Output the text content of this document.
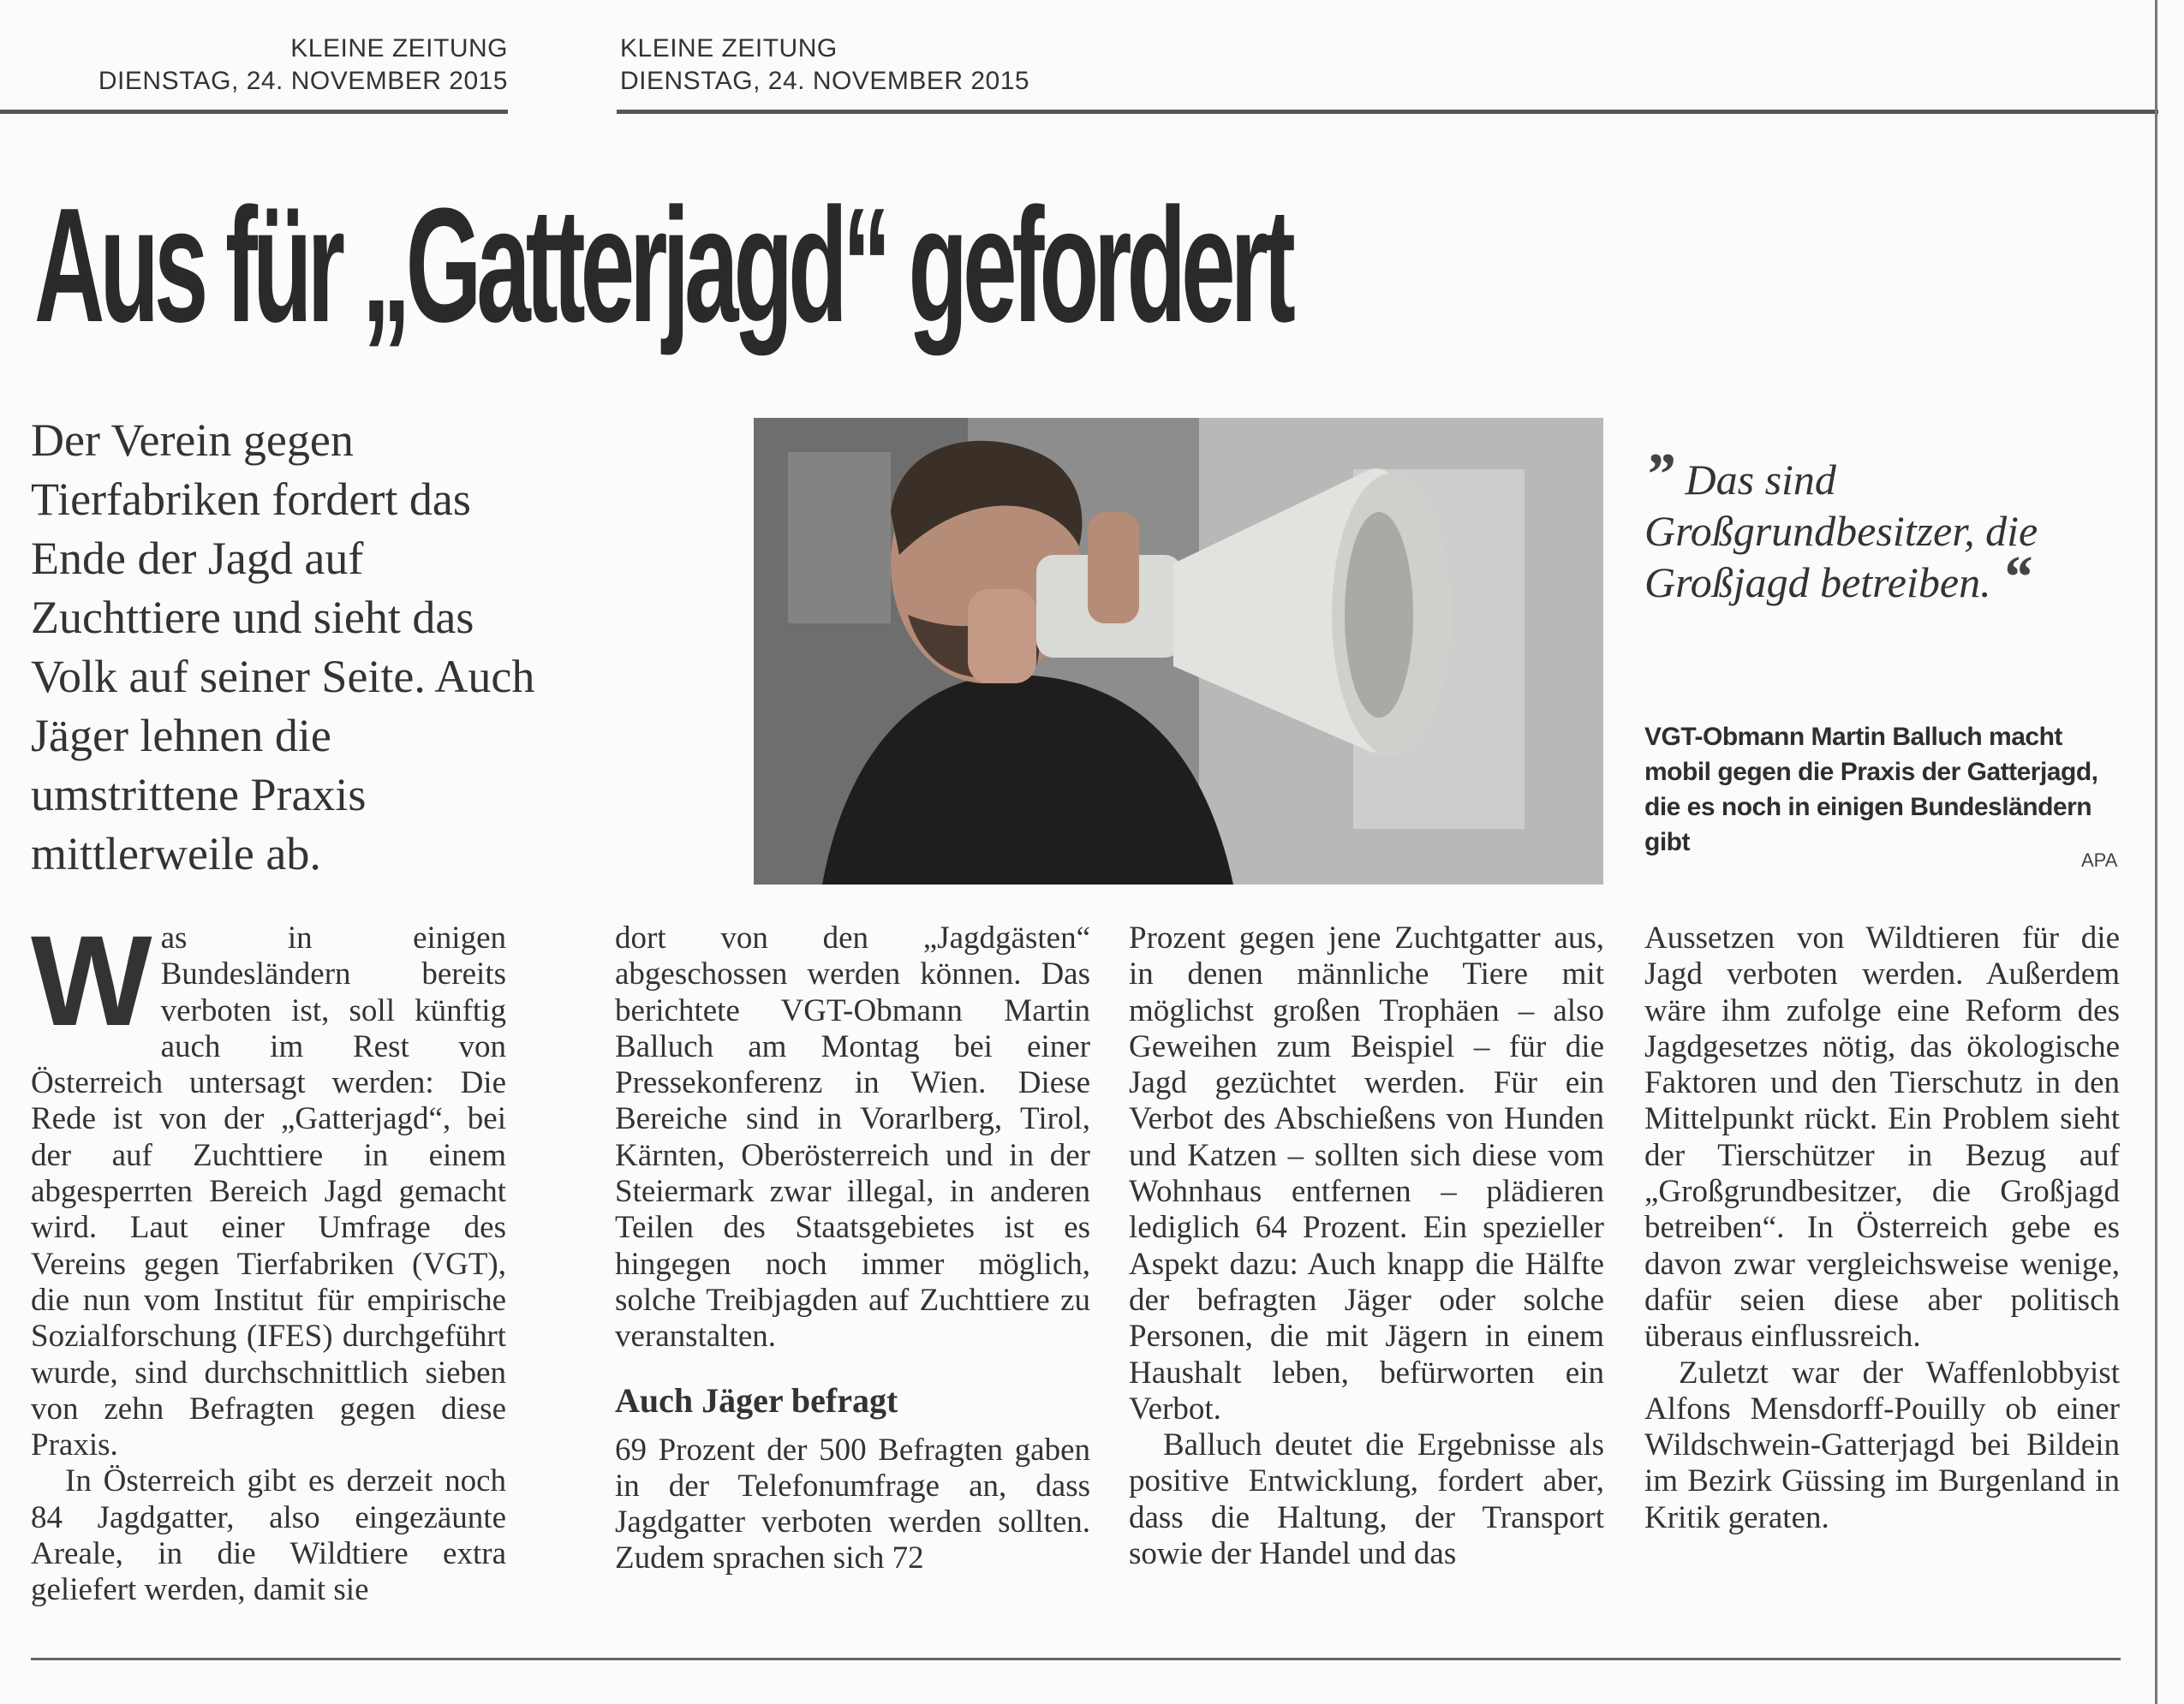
KLEINE ZEITUNG
DIENSTAG, 24. NOVEMBER 2015
KLEINE ZEITUNG
DIENSTAG, 24. NOVEMBER 2015
Aus für „Gatterjagd“ gefordert

Der Verein gegen Tierfabriken fordert das Ende der Jagd auf Zuchttiere und sieht das Volk auf seiner Seite. Auch Jäger lehnen die umstrittene Praxis mittlerweile ab.

” Das sind Großgrundbesitzer, die Großjagd betreiben. “

VGT-Obmann Martin Balluch macht mobil gegen die Praxis der Gatterjagd, die es noch in einigen Bundesländern gibt

APA

Was in einigen Bundesländern bereits verboten ist, soll künftig auch im Rest von Österreich untersagt werden: Die Rede ist von der „Gatterjagd“, bei der auf Zuchttiere in einem abgesperrten Bereich Jagd gemacht wird. Laut einer Umfrage des Vereins gegen Tierfabriken (VGT), die nun vom Institut für empirische Sozialforschung (IFES) durchgeführt wurde, sind durchschnittlich sieben von zehn Befragten gegen diese Praxis.

In Österreich gibt es derzeit noch 84 Jagdgatter, also eingezäunte Areale, in die Wildtiere extra geliefert werden, damit sie

dort von den „Jagdgästen“ abgeschossen werden können. Das berichtete VGT-Obmann Martin Balluch am Montag bei einer Pressekonferenz in Wien. Diese Bereiche sind in Vorarlberg, Tirol, Kärnten, Oberösterreich und in der Steiermark zwar illegal, in anderen Teilen des Staatsgebietes ist es hingegen noch immer möglich, solche Treibjagden auf Zuchttiere zu veranstalten.

Auch Jäger befragt

69 Prozent der 500 Befragten gaben in der Telefonumfrage an, dass Jagdgatter verboten werden sollten. Zudem sprachen sich 72

Prozent gegen jene Zuchtgatter aus, in denen männliche Tiere mit möglichst großen Trophäen – also Geweihen zum Beispiel – für die Jagd gezüchtet werden. Für ein Verbot des Abschießens von Hunden und Katzen – sollten sich diese vom Wohnhaus entfernen – plädieren lediglich 64 Prozent. Ein spezieller Aspekt dazu: Auch knapp die Hälfte der befragten Jäger oder solche Personen, die mit Jägern in einem Haushalt leben, befürworten ein Verbot.

Balluch deutet die Ergebnisse als positive Entwicklung, fordert aber, dass die Haltung, der Transport sowie der Handel und das

Aussetzen von Wildtieren für die Jagd verboten werden. Außerdem wäre ihm zufolge eine Reform des Jagdgesetzes nötig, das ökologische Faktoren und den Tierschutz in den Mittelpunkt rückt. Ein Problem sieht der Tierschützer in Bezug auf „Großgrundbesitzer, die Großjagd betreiben“. In Österreich gebe es davon zwar vergleichsweise wenige, dafür seien diese aber politisch überaus einflussreich.

Zuletzt war der Waffenlobbyist Alfons Mensdorff-Pouilly ob einer Wildschwein-Gatterjagd bei Bildein im Bezirk Güssing im Burgenland in Kritik geraten.
